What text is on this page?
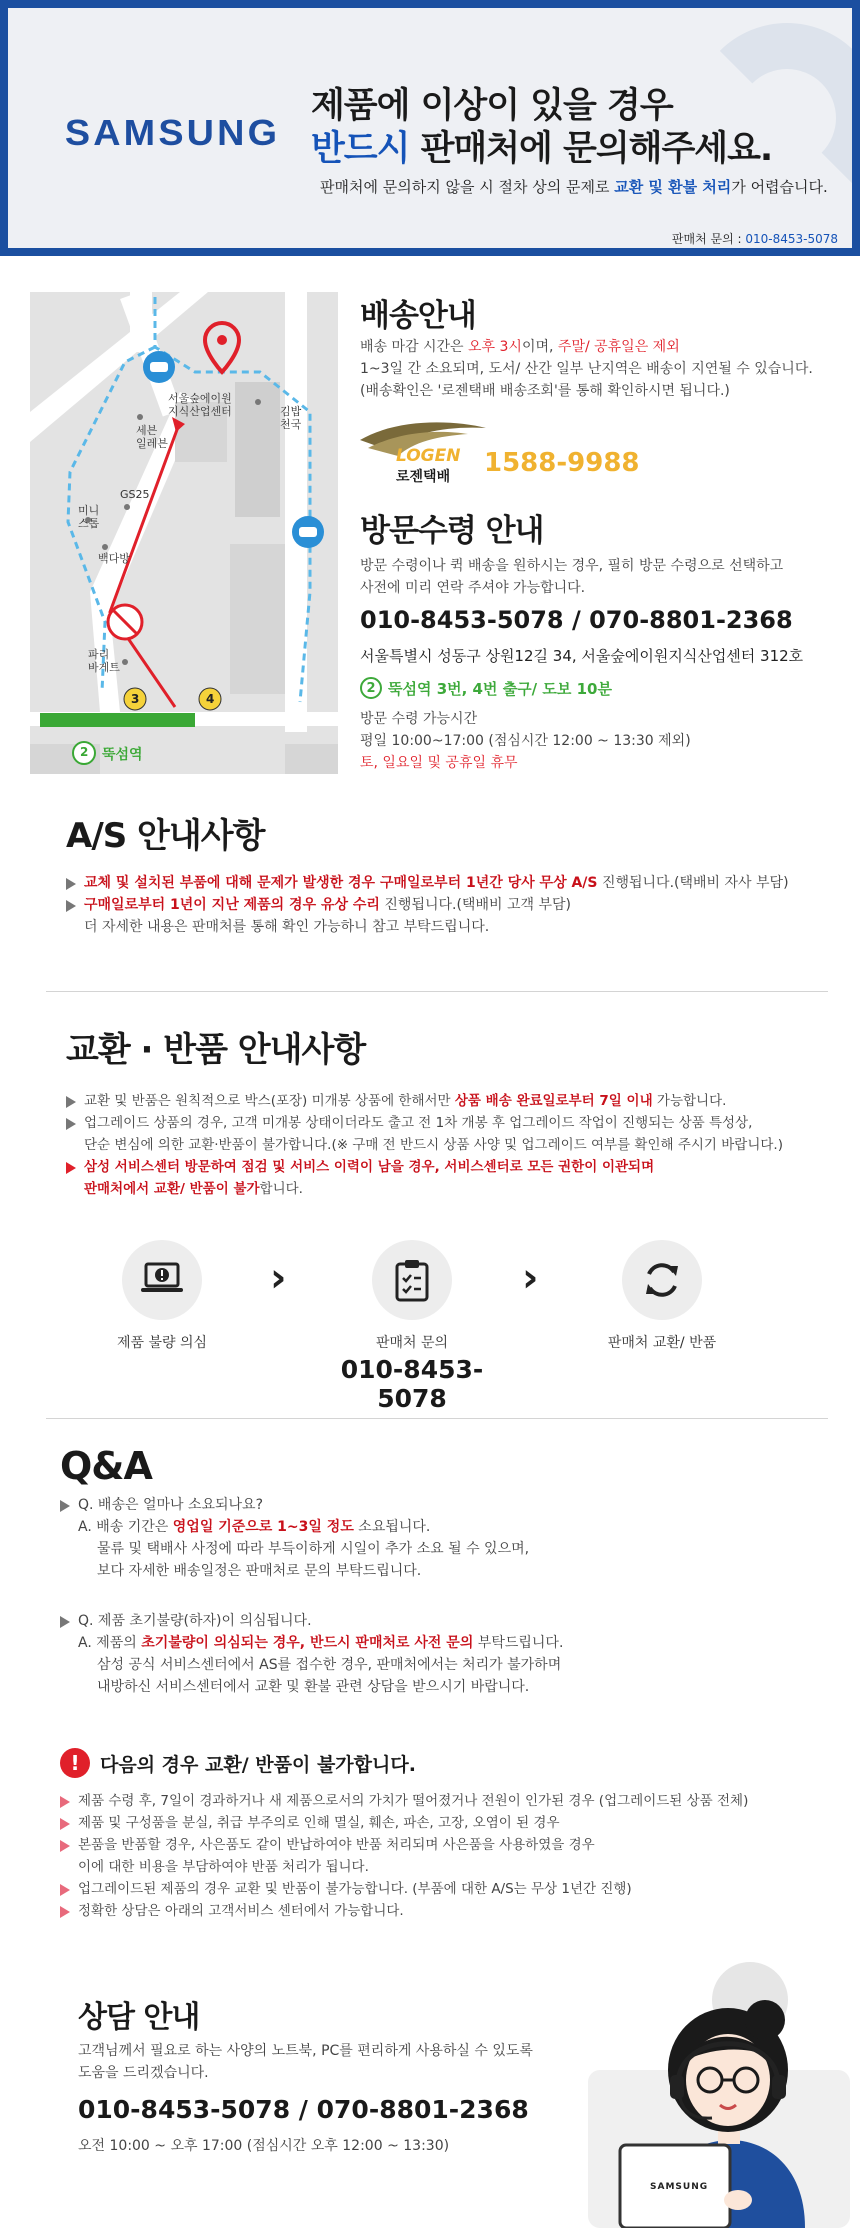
SAMSUNG
제품에 이상이 있을 경우
반드시 판매처에 문의해주세요.
판매처에 문의하지 않을 시 절차 상의 문제로 교환 및 환불 처리가 어렵습니다.
판매처 문의 : 010-8453-5078
서울숲에이원
지식산업센터	김밥
천국
세븐
일레븐
GS25
미니
스톱
백다방
파리
바게트
3	4
2 뚝섬역
배송안내
배송 마감 시간은 오후 3시이며, 주말/ 공휴일은 제외
1~3일 간 소요되며, 도서/ 산간 일부 난지역은 배송이 지연될 수 있습니다.
(배송확인은 '로젠택배 배송조회'를 통해 확인하시면 됩니다.)
LOGEN
로젠택배 1588-9988
방문수령 안내
방문 수령이나 퀵 배송을 원하시는 경우, 필히 방문 수령으로 선택하고
사전에 미리 연락 주셔야 가능합니다.
010-8453-5078 / 070-8801-2368
서울특별시 성동구 상원12길 34, 서울숲에이원지식산업센터 312호
2 뚝섬역 3번, 4번 출구/ 도보 10분
방문 수령 가능시간
평일 10:00~17:00 (점심시간 12:00 ~ 13:30 제외)
토, 일요일 및 공휴일 휴무
A/S 안내사항
교체 및 설치된 부품에 대해 문제가 발생한 경우 구매일로부터 1년간 당사 무상 A/S 진행됩니다.(택배비 자사 부담)
구매일로부터 1년이 지난 제품의 경우 유상 수리 진행됩니다.(택배비 고객 부담)
더 자세한 내용은 판매처를 통해 확인 가능하니 참고 부탁드립니다.
교환 · 반품 안내사항
교환 및 반품은 원칙적으로 박스(포장) 미개봉 상품에 한해서만 상품 배송 완료일로부터 7일 이내 가능합니다.
업그레이드 상품의 경우, 고객 미개봉 상태이더라도 출고 전 1차 개봉 후 업그레이드 작업이 진행되는 상품 특성상,
단순 변심에 의한 교환·반품이 불가합니다.(※ 구매 전 반드시 상품 사양 및 업그레이드 여부를 확인해 주시기 바랍니다.)
삼성 서비스센터 방문하여 점검 및 서비스 이력이 남을 경우, 서비스센터로 모든 권한이 이관되며
판매처에서 교환/ 반품이 불가합니다.
제품 불량 의심
›
판매처 문의
010-8453-5078
›
판매처 교환/ 반품
Q&A
Q. 배송은 얼마나 소요되나요?
A. 배송 기간은 영업일 기준으로 1~3일 정도 소요됩니다.
물류 및 택배사 사정에 따라 부득이하게 시일이 추가 소요 될 수 있으며,
보다 자세한 배송일정은 판매처로 문의 부탁드립니다.
Q. 제품 초기불량(하자)이 의심됩니다.
A. 제품의 초기불량이 의심되는 경우, 반드시 판매처로 사전 문의 부탁드립니다.
삼성 공식 서비스센터에서 AS를 접수한 경우, 판매처에서는 처리가 불가하며
내방하신 서비스센터에서 교환 및 환불 관련 상담을 받으시기 바랍니다.
!	다음의 경우 교환/ 반품이 불가합니다.
제품 수령 후, 7일이 경과하거나 새 제품으로서의 가치가 떨어졌거나 전원이 인가된 경우 (업그레이드된 상품 전체)
제품 및 구성품을 분실, 취급 부주의로 인해 멸실, 훼손, 파손, 고장, 오염이 된 경우
본품을 반품할 경우, 사은품도 같이 반납하여야 반품 처리되며 사은품을 사용하였을 경우
이에 대한 비용을 부담하여야 반품 처리가 됩니다.
업그레이드된 제품의 경우 교환 및 반품이 불가능합니다. (부품에 대한 A/S는 무상 1년간 진행)
정확한 상담은 아래의 고객서비스 센터에서 가능합니다.
SAMSUNG
상담 안내
고객님께서 필요로 하는 사양의 노트북, PC를 편리하게 사용하실 수 있도록
도움을 드리겠습니다.
010-8453-5078 / 070-8801-2368
오전 10:00 ~ 오후 17:00 (점심시간 오후 12:00 ~ 13:30)
